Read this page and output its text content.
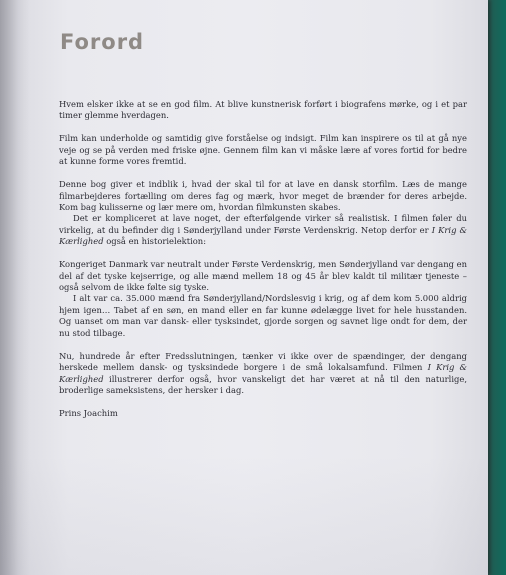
Forord

Hvem elsker ikke at se en god film. At blive kunstnerisk forført i biografens mørke, og i et par timer glemme hverdagen.

Film kan underholde og samtidig give forståelse og indsigt. Film kan inspirere os til at gå nye veje og se på verden med friske øjne. Gennem film kan vi måske lære af vores fortid for bedre at kunne forme vores fremtid.

Denne bog giver et indblik i, hvad der skal til for at lave en dansk storfilm. Læs de mange filmarbejderes fortælling om deres fag og mærk, hvor meget de brænder for deres arbejde. Kom bag kulisserne og lær mere om, hvordan filmkunsten skabes.

Det er kompliceret at lave noget, der efterfølgende virker så realistisk. I filmen føler du virkelig, at du befinder dig i Sønderjylland under Første Verdenskrig. Netop derfor er I Krig & Kærlighed også en historielektion:

Kongeriget Danmark var neutralt under Første Verdenskrig, men Sønderjylland var dengang en del af det tyske kejserrige, og alle mænd mellem 18 og 45 år blev kaldt til militær tjeneste – også selvom de ikke følte sig tyske.

I alt var ca. 35.000 mænd fra Sønderjylland/Nordslesvig i krig, og af dem kom 5.000 aldrig hjem igen… Tabet af en søn, en mand eller en far kunne ødelægge livet for hele husstanden. Og uanset om man var dansk- eller tysksindet, gjorde sorgen og savnet lige ondt for dem, der nu stod tilbage.

Nu, hundrede år efter Fredsslutningen, tænker vi ikke over de spændinger, der dengang herskede mellem dansk- og tysksindede borgere i de små lokalsamfund. Filmen I Krig & Kærlighed illustrerer derfor også, hvor vanskeligt det har været at nå til den naturlige, broderlige sameksistens, der hersker i dag.

Prins Joachim
